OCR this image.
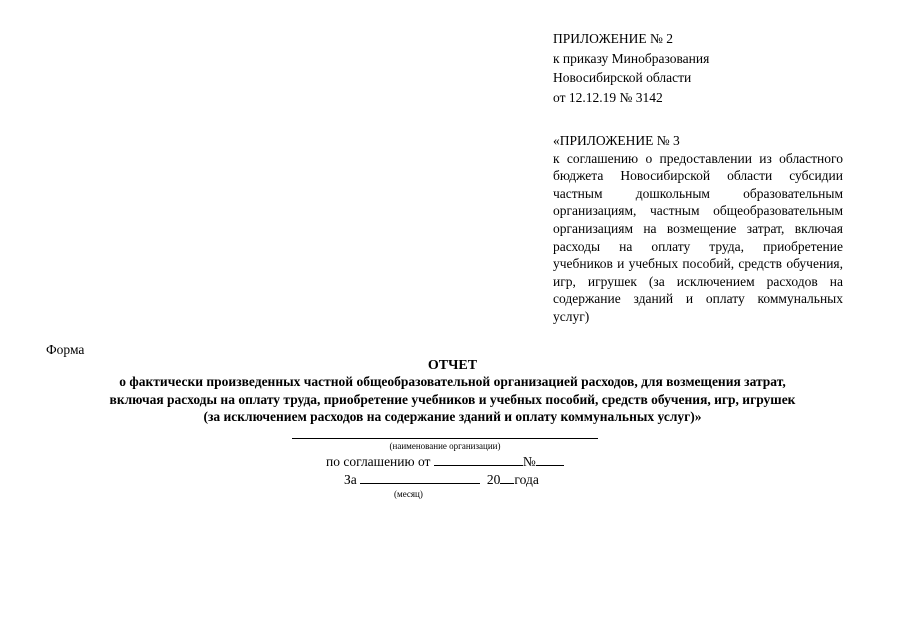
ПРИЛОЖЕНИЕ № 2
к приказу Минобразования
Новосибирской области
от 12.12.19 № 3142
«ПРИЛОЖЕНИЕ № 3
к соглашению о предоставлении из областного бюджета Новосибирской области субсидии частным дошкольным образовательным организациям, частным общеобразовательным организациям на возмещение затрат, включая расходы на оплату труда, приобретение учебников и учебных пособий, средств обучения, игр, игрушек (за исключением расходов на содержание зданий и оплату коммунальных услуг)
Форма
ОТЧЕТ
о фактически произведенных частной общеобразовательной организацией расходов, для возмещения затрат,
включая расходы на оплату труда, приобретение учебников и учебных пособий, средств обучения, игр, игрушек
(за исключением расходов на содержание зданий и оплату коммунальных услуг)»
(наименование организации)
по соглашению от	№
За	20 года
(месяц)
